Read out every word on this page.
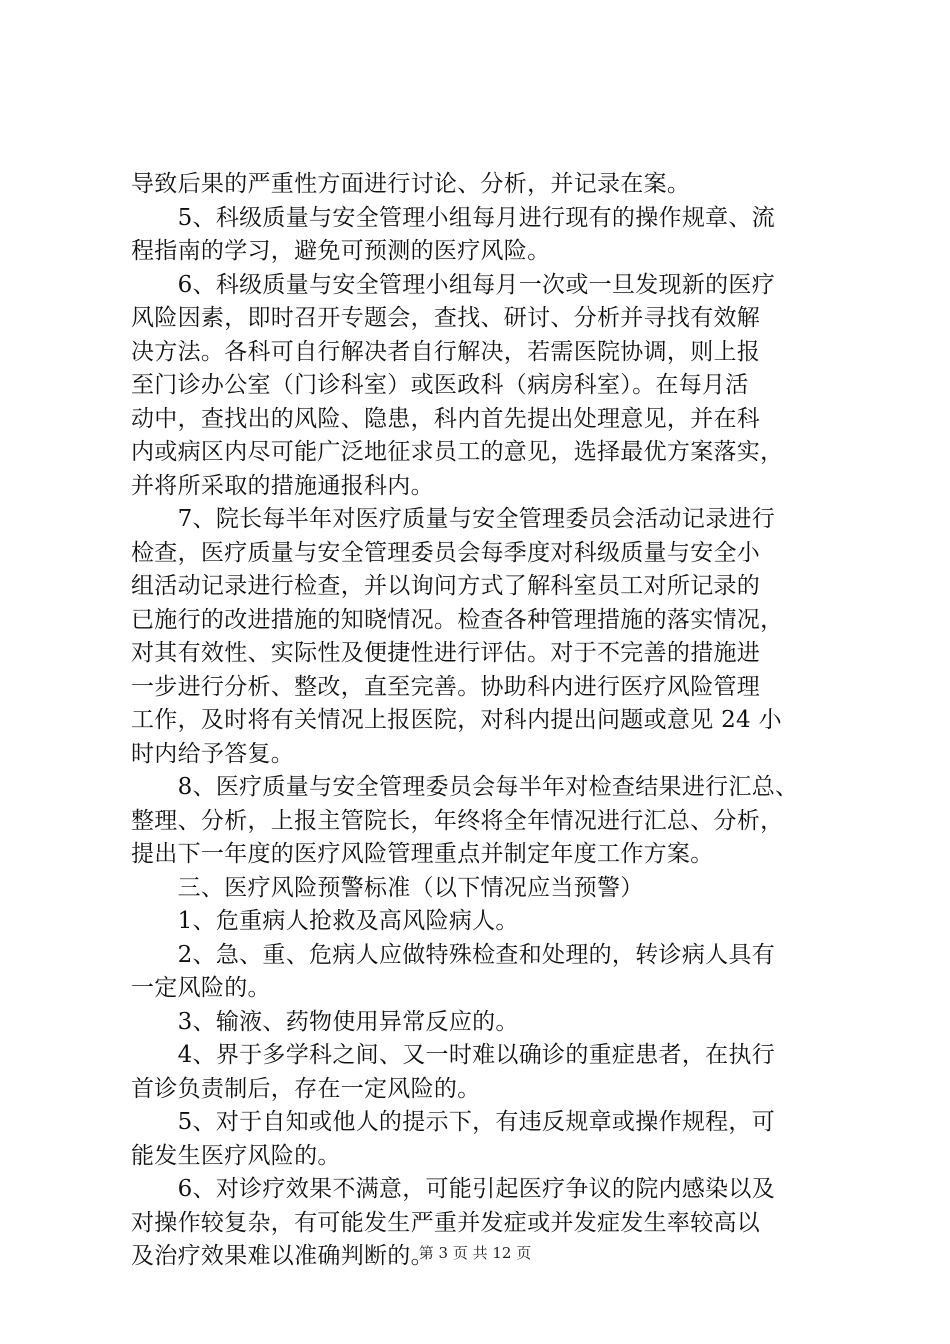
导致后果的严重性方面进行讨论、分析，并记录在案。
　　5、科级质量与安全管理小组每月进行现有的操作规章、流
程指南的学习，避免可预测的医疗风险。
　　6、科级质量与安全管理小组每月一次或一旦发现新的医疗
风险因素，即时召开专题会，查找、研讨、分析并寻找有效解
决方法。各科可自行解决者自行解决，若需医院协调，则上报
至门诊办公室（门诊科室）或医政科（病房科室）。在每月活
动中，查找出的风险、隐患，科内首先提出处理意见，并在科
内或病区内尽可能广泛地征求员工的意见，选择最优方案落实，
并将所采取的措施通报科内。
　　7、院长每半年对医疗质量与安全管理委员会活动记录进行
检查，医疗质量与安全管理委员会每季度对科级质量与安全小
组活动记录进行检查，并以询问方式了解科室员工对所记录的
已施行的改进措施的知晓情况。检查各种管理措施的落实情况，
对其有效性、实际性及便捷性进行评估。对于不完善的措施进
一步进行分析、整改，直至完善。协助科内进行医疗风险管理
工作，及时将有关情况上报医院，对科内提出问题或意见 24 小
时内给予答复。
　　8、医疗质量与安全管理委员会每半年对检查结果进行汇总、
整理、分析，上报主管院长，年终将全年情况进行汇总、分析，
提出下一年度的医疗风险管理重点并制定年度工作方案。
　　三、医疗风险预警标准（以下情况应当预警）
　　1、危重病人抢救及高风险病人。
　　2、急、重、危病人应做特殊检查和处理的，转诊病人具有
一定风险的。
　　3、输液、药物使用异常反应的。
　　4、界于多学科之间、又一时难以确诊的重症患者，在执行
首诊负责制后，存在一定风险的。
　　5、对于自知或他人的提示下，有违反规章或操作规程，可
能发生医疗风险的。
　　6、对诊疗效果不满意，可能引起医疗争议的院内感染以及
对操作较复杂，有可能发生严重并发症或并发症发生率较高以
及治疗效果难以准确判断的。
第 3 页 共 12 页
